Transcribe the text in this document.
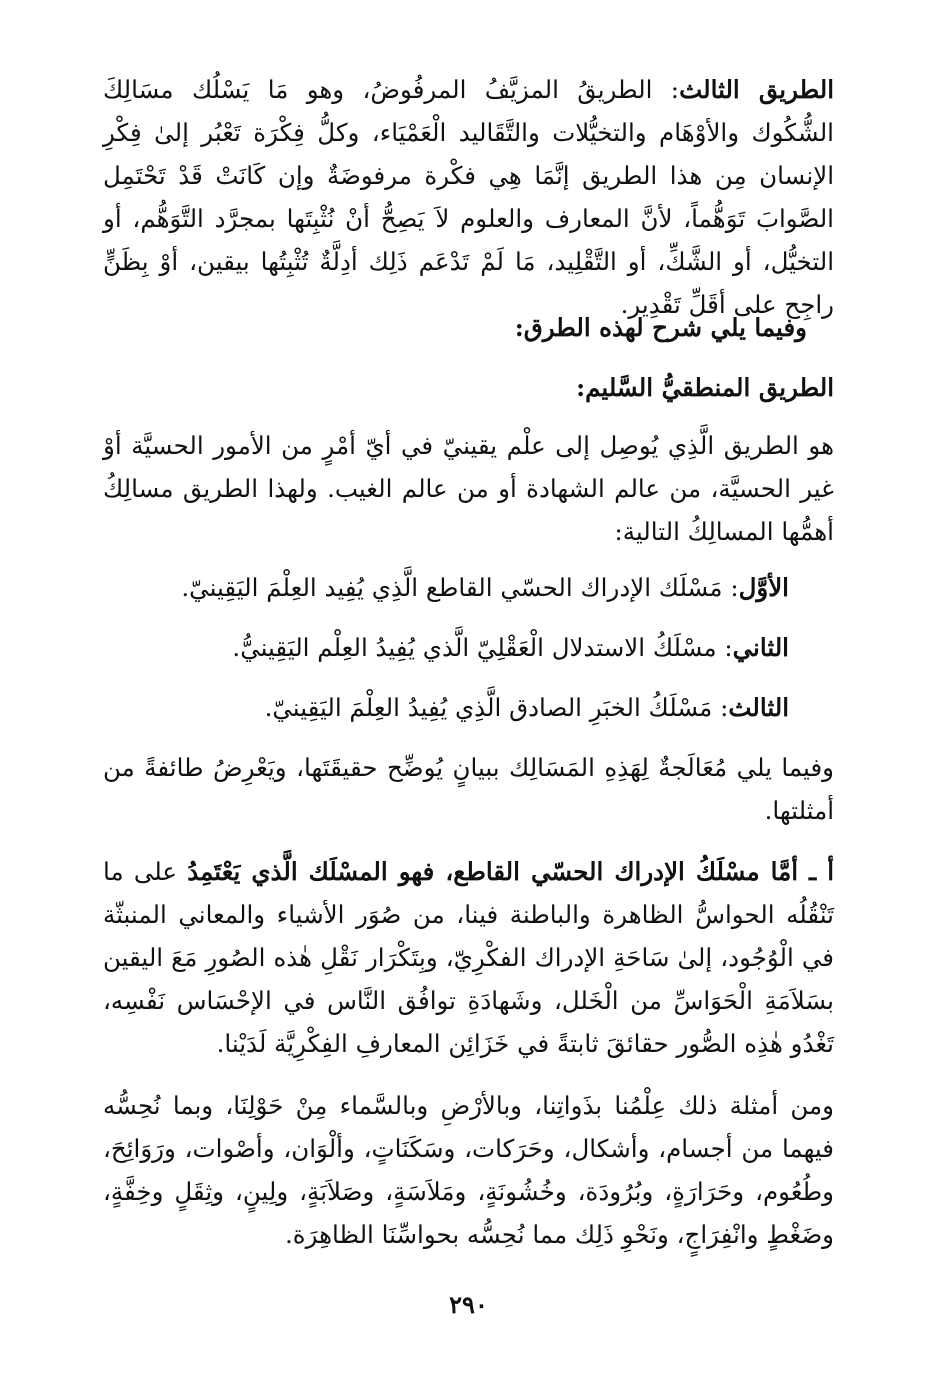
الطريق الثالث: الطريقُ المزيَّفُ المرفُوضُ، وهو مَا يَسْلُك مسَالِكَ الشُّكُوك والأوْهَام والتخيُّلات والتَّقَاليد الْعَمْيَاء، وكلُّ فِكْرَة تَعْبُر إلىٰ فِكْرِ الإنسان مِن هذا الطريق إنَّمَا هِي فكْرة مرفوضَةٌ وإن كَانَتْ قَدْ تَحْتَمِل الصَّوابَ تَوَهُّماً، لأنَّ المعارف والعلوم لاَ يَصِحُّ أنْ نُثْبِتَها بمجرَّد التَّوَهُّم، أو التخيُّل، أو الشَّكِّ، أو التَّقْلِيد، مَا لَمْ تَدْعَم ذَلِك أدِلَّةٌ تُثْبِتُها بيقين، أوْ بِظَنٍّ راجِح على أقَلِّ تَقْدِير.

وفيما يلي شرح لهذه الطرق:

الطريق المنطقيُّ السَّليم:

هو الطريق الَّذِي يُوصِل إلى علْم يقينيّ في أيّ أمْرٍ من الأمور الحسيَّة أوْ غير الحسيَّة، من عالم الشهادة أو من عالم الغيب. ولهذا الطريق مسالِكُ أهمُّها المسالِكُ التالية:

الأوَّل: مَسْلَك الإدراك الحسّي القاطع الَّذِي يُفِيد العِلْمَ اليَقِينيّ.

الثاني: مسْلَكُ الاستدلال الْعَقْلِيّ الَّذي يُفِيدُ العِلْم اليَقِينيُّ.

الثالث: مَسْلَكُ الخبَرِ الصادق الَّذِي يُفِيدُ العِلْمَ اليَقِينيّ.

وفيما يلي مُعَالَجةٌ لِهَذِهِ المَسَالِك ببيانٍ يُوضِّح حقيقَتَها، ويَعْرِضُ طائفةً من أمثلتها.

أ ـ أمَّا مسْلَكُ الإدراك الحسّي القاطع، فهو المسْلَك الَّذي يَعْتَمِدُ على ما تَنْقُلُه الحواسُّ الظاهرة والباطنة فينا، من صُوَر الأشياء والمعاني المنبثّة في الْوُجُود، إلىٰ سَاحَةِ الإدراك الفكْرِيّ، وبِتَكْرَار نَقْلِ هٰذه الصُورِ مَعَ اليقين بسَلاَمَةِ الْحَوَاسِّ من الْخَلل، وشَهادَةِ توافُق النَّاس في الإحْسَاس نَفْسِه، تَغْدُو هٰذِه الصُّور حقائقَ ثابتةً في خَزَائِن المعارفِ الفِكْرِيَّة لَدَيْنا.

ومن أمثلة ذلك عِلْمُنا بذَواتِنا، وبالأرْضِ وبالسَّماء مِنْ حَوْلِنَا، وبما نُحِسُّه فيهما من أجسام، وأشكال، وحَرَكات، وسَكَنَاتٍ، وألْوَان، وأصْوات، ورَوَائِحَ، وطُعُوم، وحَرَارَةٍ، وبُرُودَة، وخُشُونَةٍ، ومَلاَسَةٍ، وصَلاَبَةٍ، ولِينٍ، وثِقَلٍ وخِفَّةٍ، وضَغْطٍ وانْفِرَاجٍ، ونَحْوِ ذَلِك مما نُحِسُّه بحواسِّنَا الظاهِرَة.

٢٩٠
